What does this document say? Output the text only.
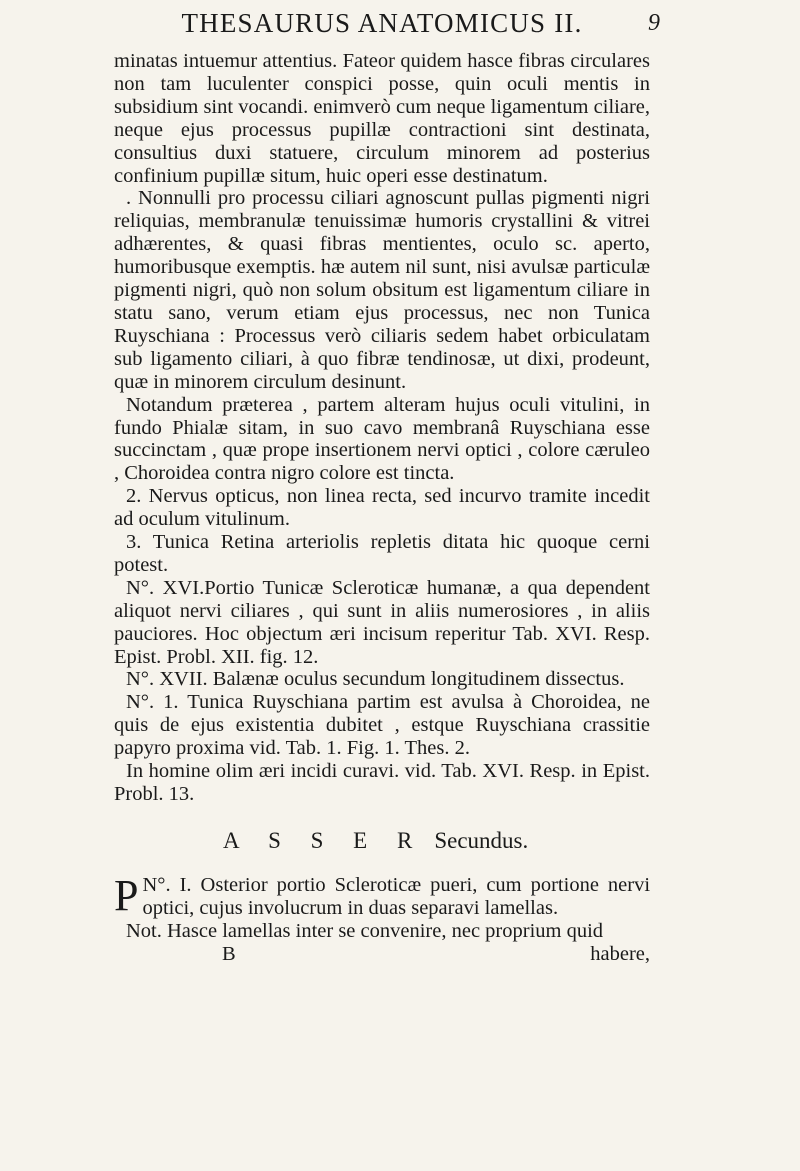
THESAURUS ANATOMICUS II.	9

minatas intuemur attentius. Fateor quidem hasce fibras circulares non tam luculenter conspici posse, quin oculi mentis in subsidium sint vocandi. enimverò cum neque ligamentum ciliare, neque ejus processus pupillæ contractioni sint destinata, consultius duxi statuere, circulum minorem ad posterius confinium pupillæ situm, huic operi esse destinatum.

. Nonnulli pro processu ciliari agnoscunt pullas pigmenti nigri reliquias, membranulæ tenuissimæ humoris crystallini & vitrei adhærentes, & quasi fibras mentientes, oculo sc. aperto, humoribusque exemptis. hæ autem nil sunt, nisi avulsæ particulæ pigmenti nigri, quò non solum obsitum est ligamentum ciliare in statu sano, verum etiam ejus processus, nec non Tunica Ruyschiana : Processus verò ciliaris sedem habet orbiculatam sub ligamento ciliari, à quo fibræ tendinosæ, ut dixi, prodeunt, quæ in minorem circulum desinunt.

Notandum præterea , partem alteram hujus oculi vitulini, in fundo Phialæ sitam, in suo cavo membranâ Ruyschiana esse succinctam , quæ prope insertionem nervi optici , colore cæruleo , Choroidea contra nigro colore est tincta.

2. Nervus opticus, non linea recta, sed incurvo tramite incedit ad oculum vitulinum.

3. Tunica Retina arteriolis repletis ditata hic quoque cerni potest.

N°. XVI.Portio Tunicæ Scleroticæ humanæ, a qua dependent aliquot nervi ciliares , qui sunt in aliis numerosiores , in aliis pauciores. Hoc objectum æri incisum reperitur Tab. XVI. Resp. Epist. Probl. XII. fig. 12.

N°. XVII. Balænæ oculus secundum longitudinem dissectus.

N°. 1. Tunica Ruyschiana partim est avulsa à Choroidea, ne quis de ejus existentia dubitet , estque Ruyschiana crassitie papyro proxima vid. Tab. 1. Fig. 1. Thes. 2.

In homine olim æri incidi curavi. vid. Tab. XVI. Resp. in Epist. Probl. 13.

A S S E R Secundus.

N°. I.
P	Osterior portio Scleroticæ pueri, cum portione nervi optici, cujus involucrum in duas separavi lamellas.

Not. Hasce lamellas inter se convenire, nec proprium quid

B	habere,
